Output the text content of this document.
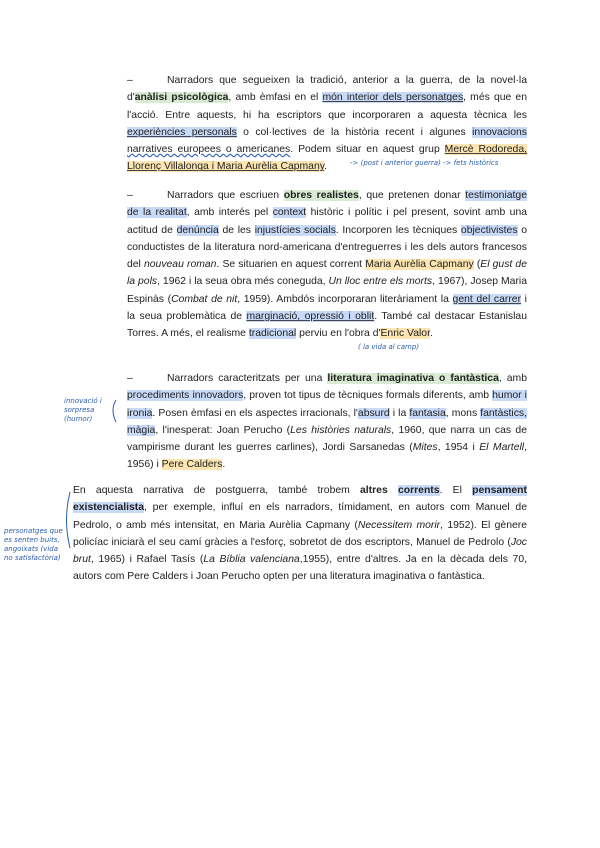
–	Narradors que segueixen la tradició, anterior a la guerra, de la novel·la d'anàlisi psicològica, amb èmfasi en el món interior dels personatges, més que en l'acció. Entre aquests, hi ha escriptors que incorporaren a aquesta tècnica les experiències personals o col·lectives de la història recent i algunes innovacions narratives europees o americanes. Podem situar en aquest grup Mercè Rodoreda, Llorenç Villalonga i Maria Aurèlia Capmany.

–	Narradors que escriuen obres realistes, que pretenen donar testimoniatge de la realitat, amb interés pel context històric i polític i pel present, sovint amb una actitud de denúncia de les injustícies socials. Incorporen les tècniques objectivistes o conductistes de la literatura nord-americana d'entreguerres i les dels autors francesos del nouveau roman. Se situarien en aquest corrent Maria Aurèlia Capmany (El gust de la pols, 1962 i la seua obra més coneguda, Un lloc entre els morts, 1967), Josep Maria Espinàs (Combat de nit, 1959). Ambdós incorporaran literàriament la gent del carrer i la seua problemàtica de marginació, opressió i oblit. També cal destacar Estanislau Torres. A més, el realisme tradicional perviu en l'obra d'Enric Valor.

–	Narradors caracteritzats per una literatura imaginativa o fantàstica, amb procediments innovadors, proven tot tipus de tècniques formals diferents, amb humor i ironia. Posen èmfasi en els aspectes irracionals, l'absurd i la fantasia, mons fantàstics, màgia, l'inesperat: Joan Perucho (Les històries naturals, 1960, que narra un cas de vampirisme durant les guerres carlines), Jordi Sarsanedas (Mites, 1954 i El Martell, 1956) i Pere Calders.

En aquesta narrativa de postguerra, també trobem altres corrents. El pensament existencialista, per exemple, influí en els narradors, tímidament, en autors com Manuel de Pedrolo, o amb més intensitat, en Maria Aurèlia Capmany (Necessitem morir, 1952). El gènere policíac iniciarà el seu camí gràcies a l'esforç, sobretot de dos escriptors, Manuel de Pedrolo (Joc brut, 1965) i Rafael Tasís (La Bíblia valenciana,1955), entre d'altres. Ja en la dècada dels 70, autors com Pere Calders i Joan Perucho opten per una literatura imaginativa o fantàstica.

-> (post i anterior guerra) -> fets històrics
( la vida al camp)
innovació i sorpresa (humor)
personatges que es senten buits, angoixats (vida no satisfactòria)
